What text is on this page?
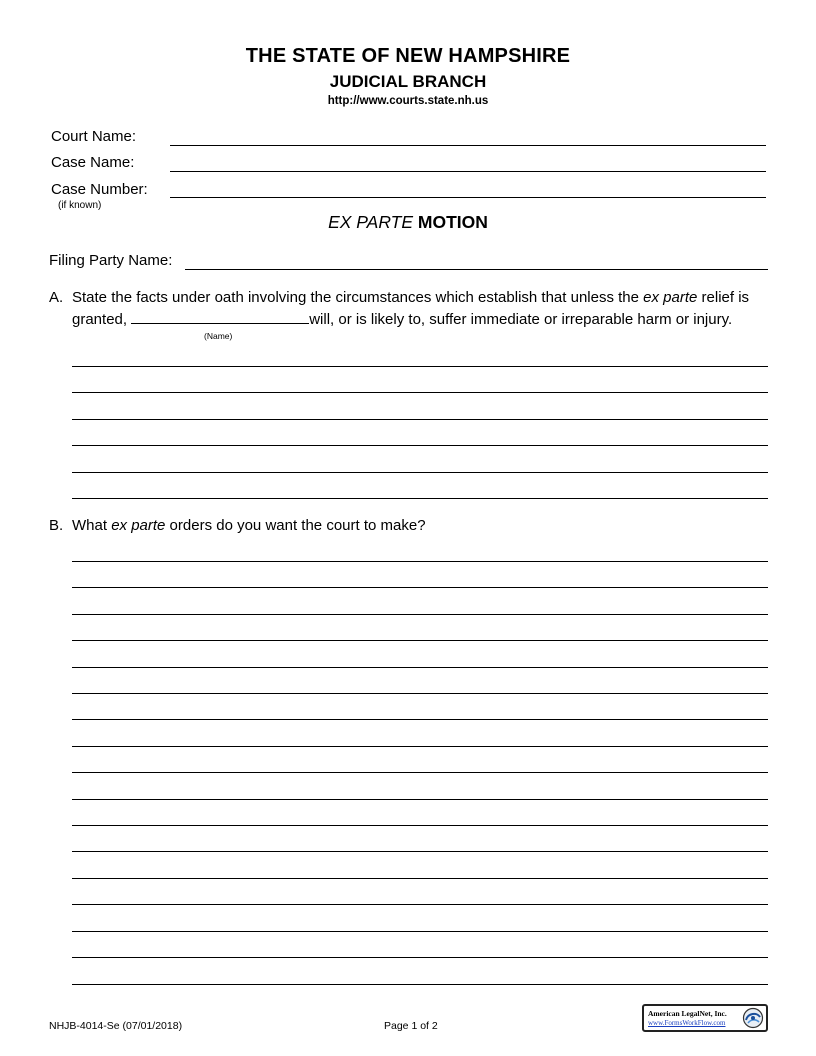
THE STATE OF NEW HAMPSHIRE
JUDICIAL BRANCH
http://www.courts.state.nh.us
Court Name:
Case Name:
Case Number:
(if known)
EX PARTE MOTION
Filing Party Name:
A. State the facts under oath involving the circumstances which establish that unless the ex parte relief is
granted,	will, or is likely to, suffer immediate or irreparable harm or injury.
(Name)
B. What ex parte orders do you want the court to make?
NHJB-4014-Se (07/01/2018)	Page 1 of 2
American LegalNet, Inc.
www.FormsWorkFlow.com
